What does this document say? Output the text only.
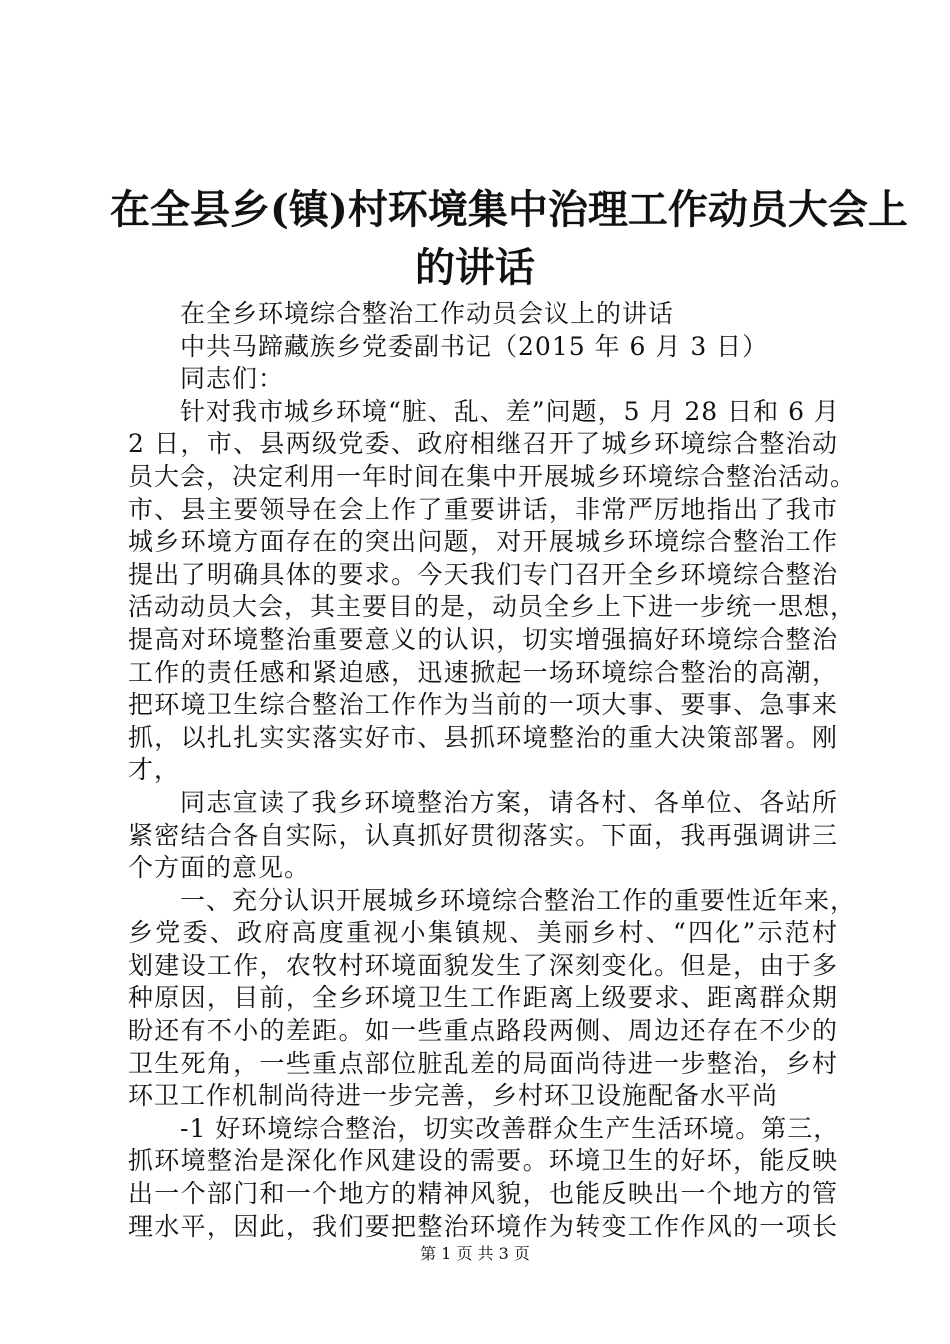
在全县乡(镇)村环境集中治理工作动员大会上
的讲话
在全乡环境综合整治工作动员会议上的讲话
中共马蹄藏族乡党委副书记（2015 年 6 月 3 日）
同志们：
针对我市城乡环境“脏、乱、差”问题，5 月 28 日和 6 月
2 日，市、县两级党委、政府相继召开了城乡环境综合整治动
员大会，决定利用一年时间在集中开展城乡环境综合整治活动。
市、县主要领导在会上作了重要讲话，非常严厉地指出了我市
城乡环境方面存在的突出问题，对开展城乡环境综合整治工作
提出了明确具体的要求。今天我们专门召开全乡环境综合整治
活动动员大会，其主要目的是，动员全乡上下进一步统一思想，
提高对环境整治重要意义的认识，切实增强搞好环境综合整治
工作的责任感和紧迫感，迅速掀起一场环境综合整治的高潮，
把环境卫生综合整治工作作为当前的一项大事、要事、急事来
抓，以扎扎实实落实好市、县抓环境整治的重大决策部署。刚
才，
同志宣读了我乡环境整治方案，请各村、各单位、各站所
紧密结合各自实际，认真抓好贯彻落实。下面，我再强调讲三
个方面的意见。
一、充分认识开展城乡环境综合整治工作的重要性近年来，
乡党委、政府高度重视小集镇规、美丽乡村、“四化”示范村
划建设工作，农牧村环境面貌发生了深刻变化。但是，由于多
种原因，目前，全乡环境卫生工作距离上级要求、距离群众期
盼还有不小的差距。如一些重点路段两侧、周边还存在不少的
卫生死角，一些重点部位脏乱差的局面尚待进一步整治，乡村
环卫工作机制尚待进一步完善，乡村环卫设施配备水平尚
-1 好环境综合整治，切实改善群众生产生活环境。第三，
抓环境整治是深化作风建设的需要。环境卫生的好坏，能反映
出一个部门和一个地方的精神风貌，也能反映出一个地方的管
理水平，因此，我们要把整治环境作为转变工作作风的一项长
第 1 页 共 3 页
